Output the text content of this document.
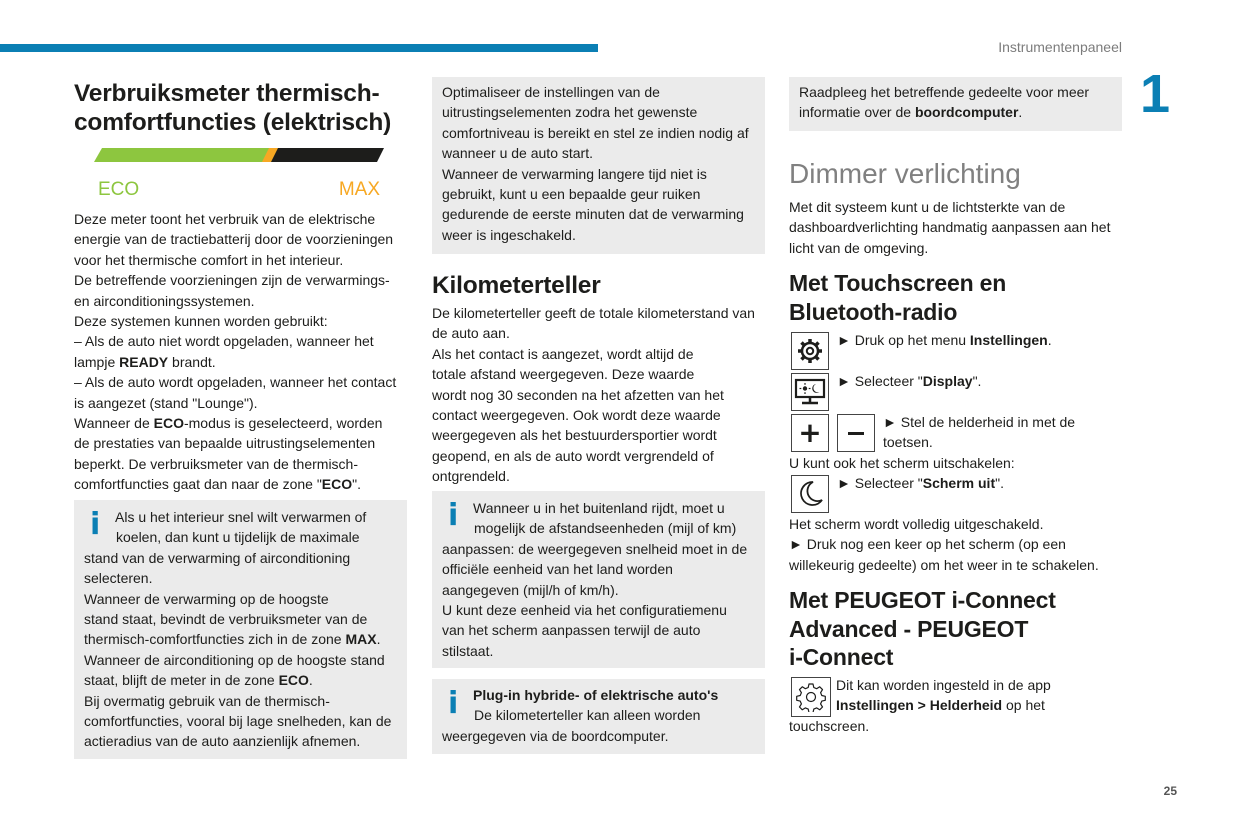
Instrumentenpaneel
1
25
Verbruiksmeter thermisch-
comfortfuncties (elektrisch)
ECO	MAX

Deze meter toont het verbruik van de elektrische

energie van de tractiebatterij door de voorzieningen

voor het thermische comfort in het interieur.

De betreffende voorzieningen zijn de verwarmings-

en airconditioningssystemen.

Deze systemen kunnen worden gebruikt:

– Als de auto niet wordt opgeladen, wanneer het

lampje READY brandt.

– Als de auto wordt opgeladen, wanneer het contact

is aangezet (stand "Lounge").

Wanneer de ECO-modus is geselecteerd, worden

de prestaties van bepaalde uitrustingselementen

beperkt. De verbruiksmeter van de thermisch-

comfortfuncties gaat dan naar de zone "ECO".

i	Als u het interieur snel wilt verwarmen of

koelen, dan kunt u tijdelijk de maximale

stand van de verwarming of airconditioning

selecteren.

Wanneer de verwarming op de hoogste

stand staat, bevindt de verbruiksmeter van de

thermisch-comfortfuncties zich in de zone MAX.

Wanneer de airconditioning op de hoogste stand

staat, blijft de meter in de zone ECO.

Bij overmatig gebruik van de thermisch-

comfortfuncties, vooral bij lage snelheden, kan de

actieradius van de auto aanzienlijk afnemen.

Optimaliseer de instellingen van de

uitrustingselementen zodra het gewenste

comfortniveau is bereikt en stel ze indien nodig af

wanneer u de auto start.

Wanneer de verwarming langere tijd niet is

gebruikt, kunt u een bepaalde geur ruiken

gedurende de eerste minuten dat de verwarming

weer is ingeschakeld.

Kilometerteller

De kilometerteller geeft de totale kilometerstand van

de auto aan.

Als het contact is aangezet, wordt altijd de

totale afstand weergegeven. Deze waarde

wordt nog 30 seconden na het afzetten van het

contact weergegeven. Ook wordt deze waarde

weergegeven als het bestuurdersportier wordt

geopend, en als de auto wordt vergrendeld of

ontgrendeld.

i	Wanneer u in het buitenland rijdt, moet u

mogelijk de afstandseenheden (mijl of km)

aanpassen: de weergegeven snelheid moet in de

officiële eenheid van het land worden

aangegeven (mijl/h of km/h).

U kunt deze eenheid via het configuratiemenu

van het scherm aanpassen terwijl de auto

stilstaat.

i	Plug-in hybride- of elektrische auto's

De kilometerteller kan alleen worden

weergegeven via de boordcomputer.

Raadpleeg het betreffende gedeelte voor meer

informatie over de boordcomputer.

Dimmer verlichting

Met dit systeem kunt u de lichtsterkte van de

dashboardverlichting handmatig aanpassen aan het

licht van de omgeving.

Met Touchscreen en
Bluetooth-radio

► Druk op het menu Instellingen.

► Selecteer "Display".

+	► Stel de helderheid in met de

toetsen.

U kunt ook het scherm uitschakelen:

► Selecteer "Scherm uit".

Het scherm wordt volledig uitgeschakeld.

► Druk nog een keer op het scherm (op een

willekeurig gedeelte) om het weer in te schakelen.

Met PEUGEOT i-Connect
Advanced - PEUGEOT
i-Connect

Dit kan worden ingesteld in de app

Instellingen > Helderheid op het

touchscreen.
